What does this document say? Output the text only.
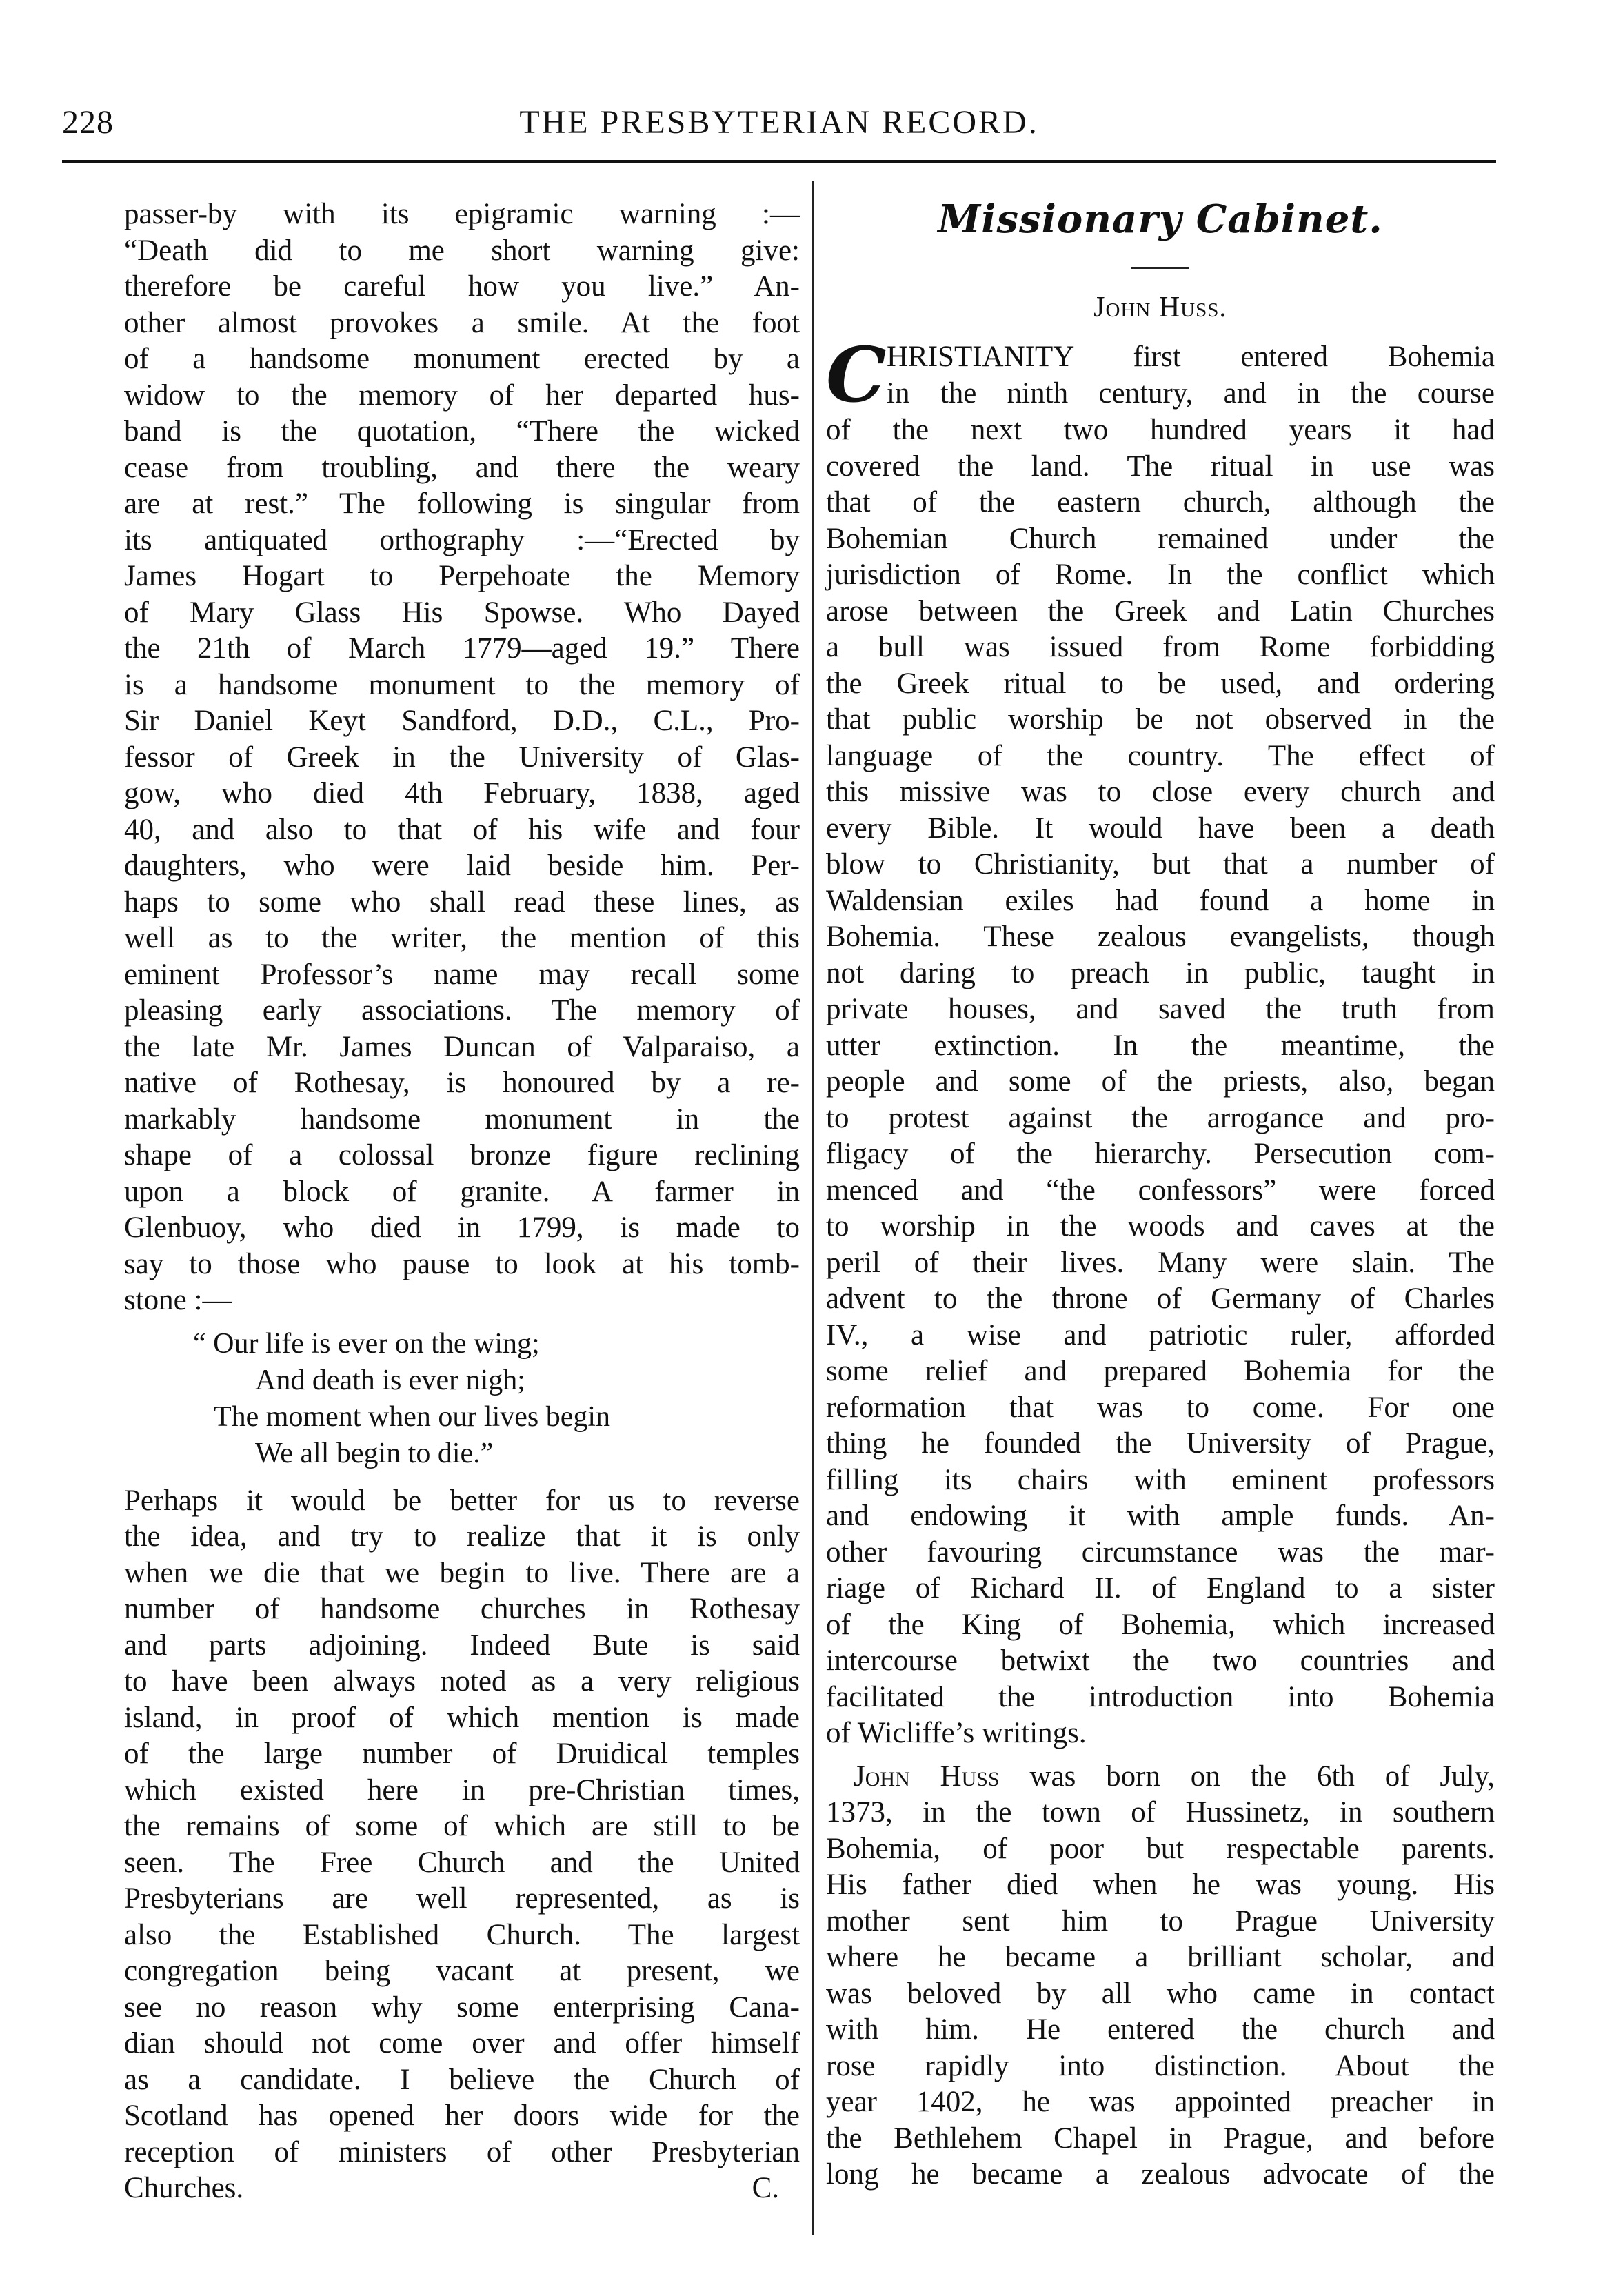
228	THE PRESBYTERIAN RECORD.
passer-by with its epigramic warning :—
“Death did to me short warning give:
therefore be careful how you live.” An-
other almost provokes a smile. At the foot
of a handsome monument erected by a
widow to the memory of her departed hus-
band is the quotation, “There the wicked
cease from troubling, and there the weary
are at rest.” The following is singular from
its antiquated orthography :—“Erected by
James Hogart to Perpehoate the Memory
of Mary Glass His Spowse. Who Dayed
the 21th of March 1779—aged 19.” There
is a handsome monument to the memory of
Sir Daniel Keyt Sandford, D.D., C.L., Pro-
fessor of Greek in the University of Glas-
gow, who died 4th February, 1838, aged
40, and also to that of his wife and four
daughters, who were laid beside him. Per-
haps to some who shall read these lines, as
well as to the writer, the mention of this
eminent Professor’s name may recall some
pleasing early associations. The memory of
the late Mr. James Duncan of Valparaiso, a
native of Rothesay, is honoured by a re-
markably handsome monument in the
shape of a colossal bronze figure reclining
upon a block of granite. A farmer in
Glenbuoy, who died in 1799, is made to
say to those who pause to look at his tomb-
stone :—
“ Our life is ever on the wing;
And death is ever nigh;
The moment when our lives begin
We all begin to die.”
Perhaps it would be better for us to reverse
the idea, and try to realize that it is only
when we die that we begin to live. There are a
number of handsome churches in Rothesay
and parts adjoining. Indeed Bute is said
to have been always noted as a very religious
island, in proof of which mention is made
of the large number of Druidical temples
which existed here in pre-Christian times,
the remains of some of which are still to be
seen. The Free Church and the United
Presbyterians are well represented, as is
also the Established Church. The largest
congregation being vacant at present, we
see no reason why some enterprising Cana-
dian should not come over and offer himself
as a candidate. I believe the Church of
Scotland has opened her doors wide for the
reception of ministers of other Presbyterian
Churches.	C.
Missionary Cabinet.
John Huss.
C HRISTIANITY first entered Bohemia
in the ninth century, and in the course
of the next two hundred years it had
covered the land. The ritual in use was
that of the eastern church, although the
Bohemian Church remained under the
jurisdiction of Rome. In the conflict which
arose between the Greek and Latin Churches
a bull was issued from Rome forbidding
the Greek ritual to be used, and ordering
that public worship be not observed in the
language of the country. The effect of
this missive was to close every church and
every Bible. It would have been a death
blow to Christianity, but that a number of
Waldensian exiles had found a home in
Bohemia. These zealous evangelists, though
not daring to preach in public, taught in
private houses, and saved the truth from
utter extinction. In the meantime, the
people and some of the priests, also, began
to protest against the arrogance and pro-
fligacy of the hierarchy. Persecution com-
menced and “the confessors” were forced
to worship in the woods and caves at the
peril of their lives. Many were slain. The
advent to the throne of Germany of Charles
IV., a wise and patriotic ruler, afforded
some relief and prepared Bohemia for the
reformation that was to come. For one
thing he founded the University of Prague,
filling its chairs with eminent professors
and endowing it with ample funds. An-
other favouring circumstance was the mar-
riage of Richard II. of England to a sister
of the King of Bohemia, which increased
intercourse betwixt the two countries and
facilitated the introduction into Bohemia
of Wicliffe’s writings.
John Huss was born on the 6th of July,
1373, in the town of Hussinetz, in southern
Bohemia, of poor but respectable parents.
His father died when he was young. His
mother sent him to Prague University
where he became a brilliant scholar, and
was beloved by all who came in contact
with him. He entered the church and
rose rapidly into distinction. About the
year 1402, he was appointed preacher in
the Bethlehem Chapel in Prague, and before
long he became a zealous advocate of the
